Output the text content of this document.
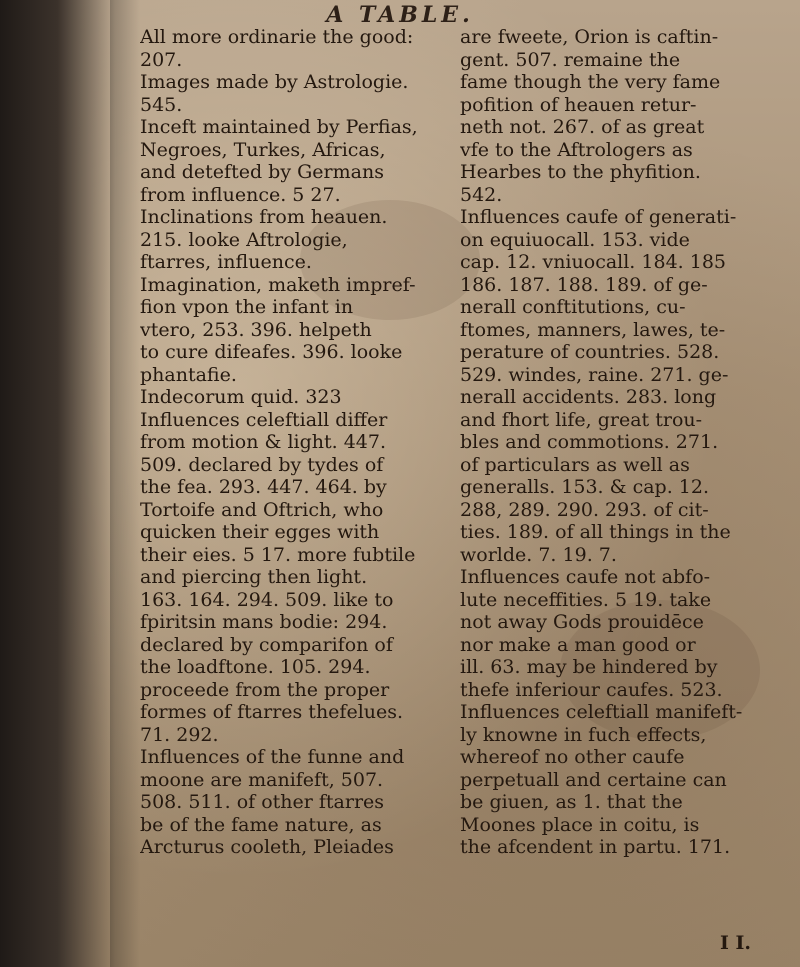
A TABLE.
All more ordinarie the good:
207.
Images made by Astrologie.
545.
Inceft maintained by Perfias,
Negroes, Turkes, Africas,
and detefted by Germans
from influence. 5 27.
Inclinations from heauen.
215. looke Aftrologie,
ftarres, influence.
Imagination, maketh impref-
fion vpon the infant in
vtero, 253. 396. helpeth
to cure difeafes. 396. looke
phantafie.
Indecorum quid. 323
Influences celeftiall differ
from motion & light. 447.
509. declared by tydes of
the fea. 293. 447. 464. by
Tortoife and Oftrich, who
quicken their egges with
their eies. 5 17. more fubtile
and piercing then light.
163. 164. 294. 509. like to
fpiritsin mans bodie: 294.
declared by comparifon of
the loadftone. 105. 294.
proceede from the proper
formes of ftarres thefelues.
71. 292.
Influences of the funne and
moone are manifeft, 507.
508. 511. of other ftarres
be of the fame nature, as
Arcturus cooleth, Pleiades
are fweete, Orion is caftin-
gent. 507. remaine the
fame though the very fame
pofition of heauen retur-
neth not. 267. of as great
vfe to the Aftrologers as
Hearbes to the phyfition.
542.
Influences caufe of generati-
on equiuocall. 153. vide
cap. 12. vniuocall. 184. 185
186. 187. 188. 189. of ge-
nerall conftitutions, cu-
ftomes, manners, lawes, te-
perature of countries. 528.
529. windes, raine. 271. ge-
nerall accidents. 283. long
and fhort life, great trou-
bles and commotions. 271.
of particulars as well as
generalls. 153. & cap. 12.
288, 289. 290. 293. of cit-
ties. 189. of all things in the
worlde. 7. 19. 7.
Influences caufe not abfo-
lute neceffities. 5 19. take
not away Gods prouidēce
nor make a man good or
ill. 63. may be hindered by
thefe inferiour caufes. 523.
Influences celeftiall manifeft-
ly knowne in fuch effects,
whereof no other caufe
perpetuall and certaine can
be giuen, as 1. that the
Moones place in coitu, is
the afcendent in partu. 171.
I I.
